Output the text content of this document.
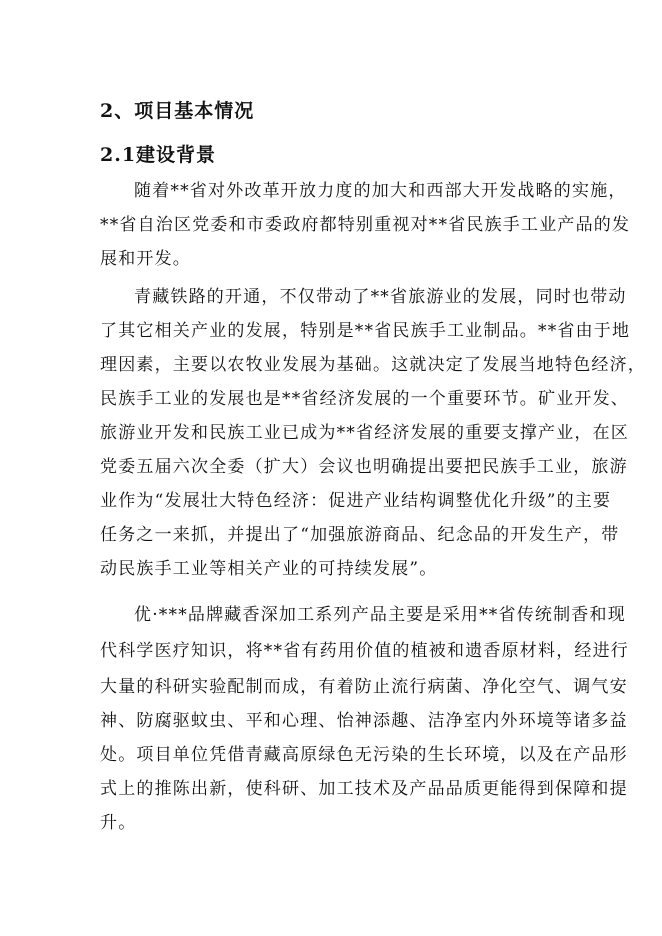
2、项目基本情况
2.1建设背景
随着**省对外改革开放力度的加大和西部大开发战略的实施，
**省自治区党委和市委政府都特别重视对**省民族手工业产品的发
展和开发。
青藏铁路的开通，不仅带动了**省旅游业的发展，同时也带动
了其它相关产业的发展，特别是**省民族手工业制品。**省由于地
理因素，主要以农牧业发展为基础。这就决定了发展当地特色经济，
民族手工业的发展也是**省经济发展的一个重要环节。矿业开发、
旅游业开发和民族工业已成为**省经济发展的重要支撑产业，在区
党委五届六次全委（扩大）会议也明确提出要把民族手工业，旅游
业作为“发展壮大特色经济：促进产业结构调整优化升级”的主要
任务之一来抓，并提出了“加强旅游商品、纪念品的开发生产，带
动民族手工业等相关产业的可持续发展”。
优·***品牌藏香深加工系列产品主要是采用**省传统制香和现
代科学医疗知识，将**省有药用价值的植被和遗香原材料，经进行
大量的科研实验配制而成，有着防止流行病菌、净化空气、调气安
神、防腐驱蚊虫、平和心理、怡神添趣、洁净室内外环境等诸多益
处。项目单位凭借青藏高原绿色无污染的生长环境，以及在产品形
式上的推陈出新，使科研、加工技术及产品品质更能得到保障和提
升。
